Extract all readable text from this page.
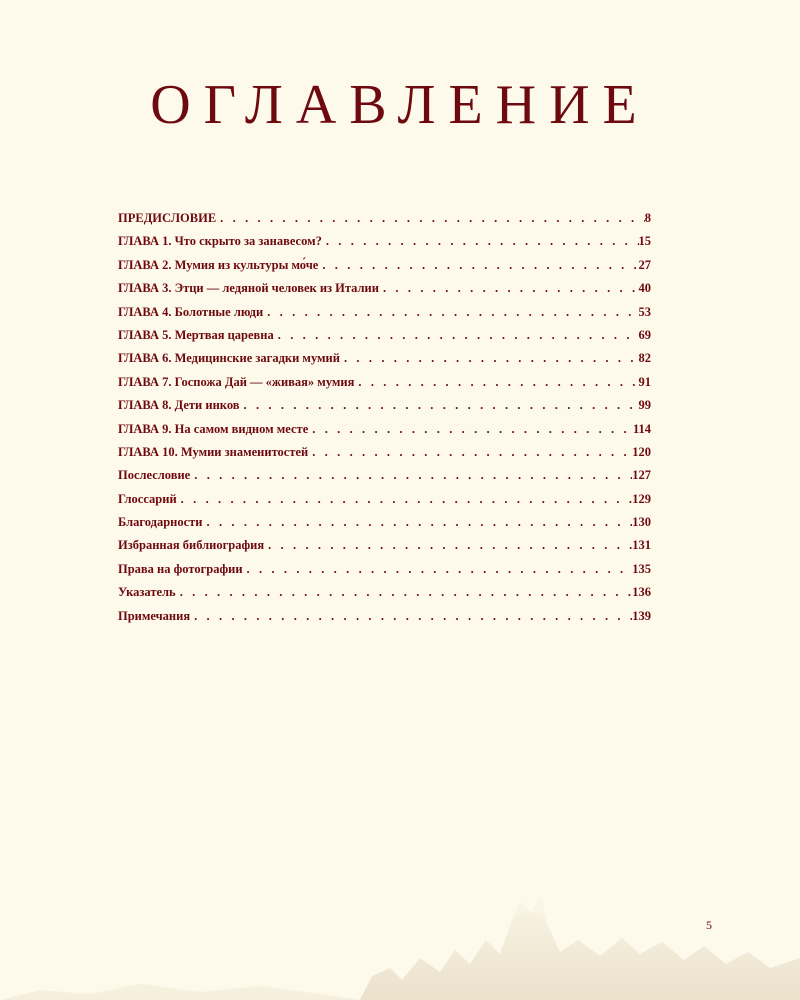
ОГЛАВЛЕНИЕ
ПРЕДИСЛОВИЕ . . .	8
ГЛАВА 1. Что скрыто за занавесом? . . .	15
ГЛАВА 2. Мумия из культуры мо́че . . .	27
ГЛАВА 3. Этци — ледяной человек из Италии . . .	40
ГЛАВА 4. Болотные люди . . .	53
ГЛАВА 5. Мертвая царевна . . .	69
ГЛАВА 6. Медицинские загадки мумий . . .	82
ГЛАВА 7. Госпожа Дай — «живая» мумия . . .	91
ГЛАВА 8. Дети инков . . .	99
ГЛАВА 9. На самом видном месте . . .	114
ГЛАВА 10. Мумии знаменитостей . . .	120
Послесловие . . .	127
Глоссарий . . .	129
Благодарности . . .	130
Избранная библиография . . .	131
Права на фотографии . . .	135
Указатель . . .	136
Примечания . . .	139
5
